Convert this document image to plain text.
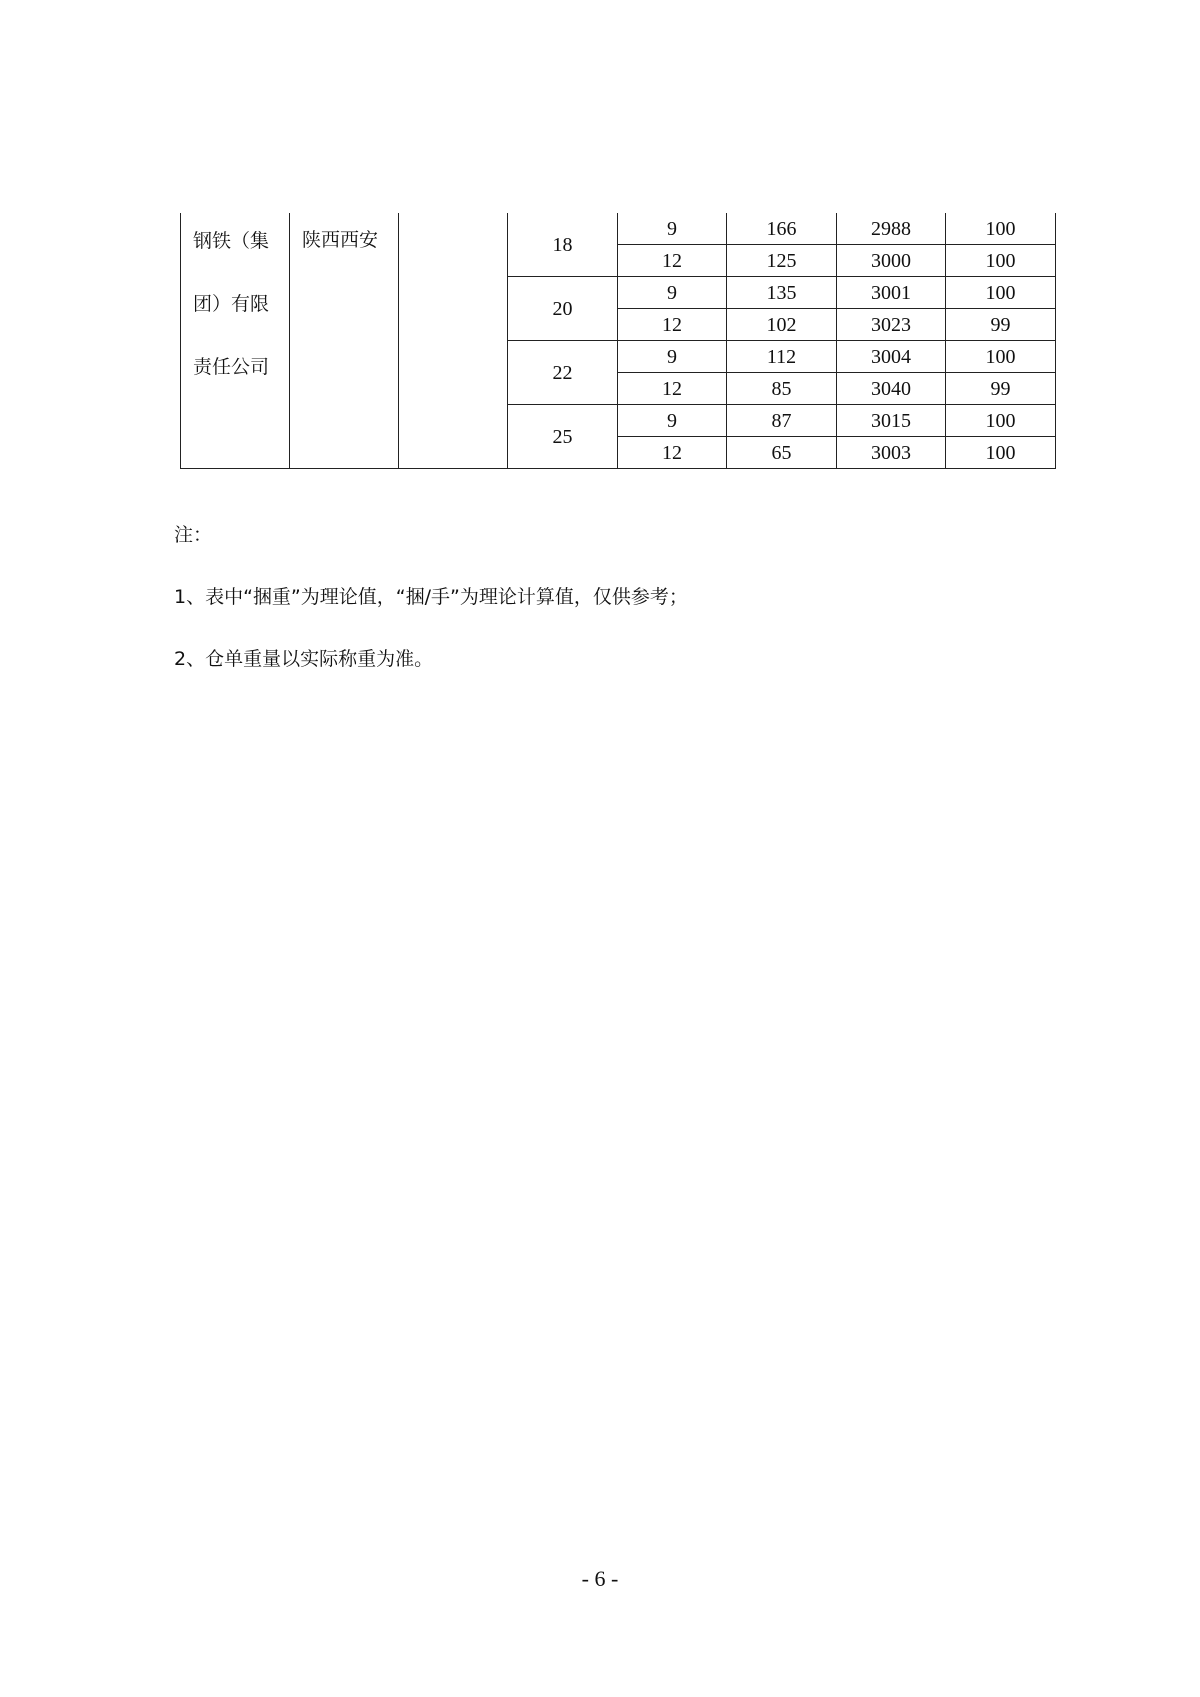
钢铁（集
团）有限
责任公司	陕西西安		18	9	166	2988	100
				12	125	3000	100
			20	9	135	3001	100
				12	102	3023	99
			22	9	112	3004	100
				12	85	3040	99
			25	9	87	3015	100
				12	65	3003	100
注：
1、表中“捆重”为理论值，“捆/手”为理论计算值，仅供参考；
2、仓单重量以实际称重为准。
- 6 -
